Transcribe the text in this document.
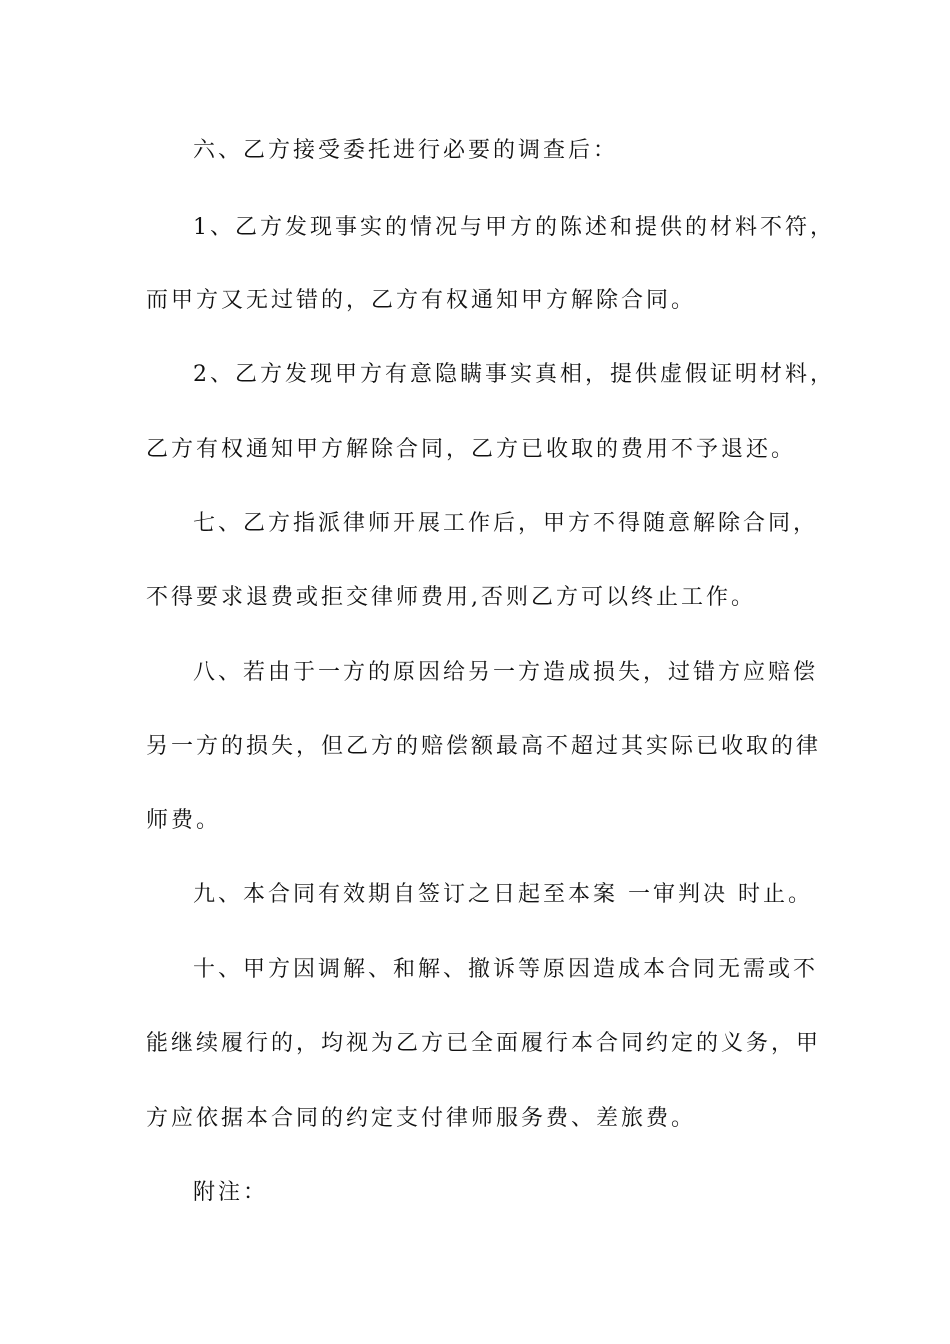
六、乙方接受委托进行必要的调查后：
1、乙方发现事实的情况与甲方的陈述和提供的材料不符，
而甲方又无过错的，乙方有权通知甲方解除合同。
2、乙方发现甲方有意隐瞒事实真相，提供虚假证明材料，
乙方有权通知甲方解除合同，乙方已收取的费用不予退还。
七、乙方指派律师开展工作后，甲方不得随意解除合同，
不得要求退费或拒交律师费用,否则乙方可以终止工作。
八、若由于一方的原因给另一方造成损失，过错方应赔偿
另一方的损失，但乙方的赔偿额最高不超过其实际已收取的律
师费。
九、本合同有效期自签订之日起至本案 一审判决 时止。
十、甲方因调解、和解、撤诉等原因造成本合同无需或不
能继续履行的，均视为乙方已全面履行本合同约定的义务，甲
方应依据本合同的约定支付律师服务费、差旅费。
附注：
